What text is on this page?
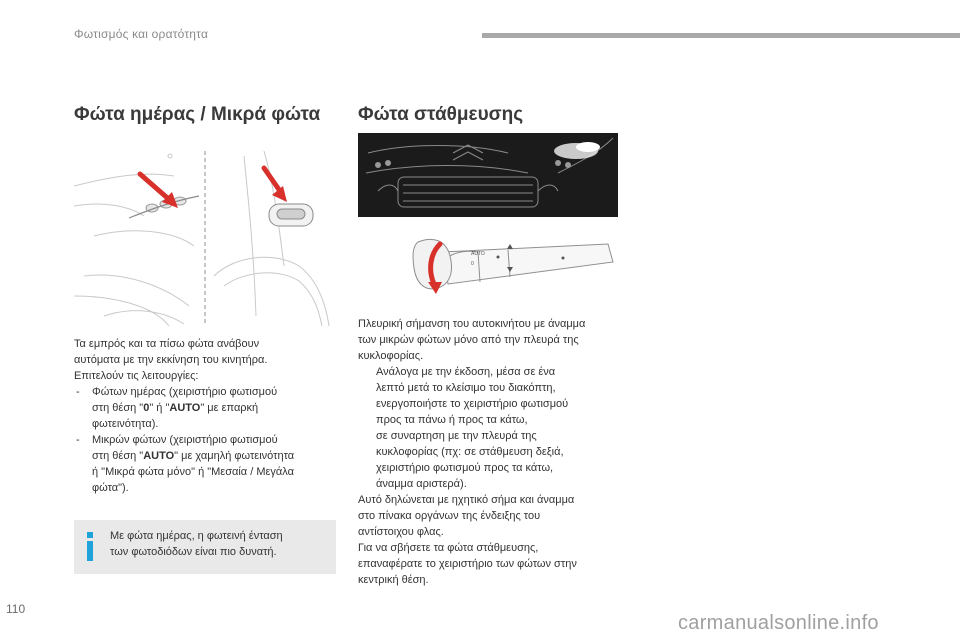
Φωτισμός και ορατότητα
Φώτα ημέρας / Μικρά φώτα Φώτα στάθμευσης
AUTO
0

Τα εμπρός και τα πίσω φώτα ανάβουν

αυτόματα με την εκκίνηση του κινητήρα.

Επιτελούν τις λειτουργίες:

- Φώτων ημέρας (χειριστήριο φωτισμού

στη θέση "0" ή "AUTO" με επαρκή

φωτεινότητα).

- Μικρών φώτων (χειριστήριο φωτισμού

στη θέση "AUTO" με χαμηλή φωτεινότητα

ή "Μικρά φώτα μόνο" ή "Μεσαία / Μεγάλα

φώτα").

Με φώτα ημέρας, η φωτεινή ένταση

των φωτοδιόδων είναι πιο δυνατή.

Πλευρική σήμανση του αυτοκινήτου με άναμμα

των μικρών φώτων μόνο από την πλευρά της

κυκλοφορίας.

Ανάλογα με την έκδοση, μέσα σε ένα

λεπτό μετά το κλείσιμο του διακόπτη,

ενεργοποιήστε το χειριστήριο φωτισμού

προς τα πάνω ή προς τα κάτω,

σε συναρτηση με την πλευρά της

κυκλοφορίας (πχ: σε στάθμευση δεξιά,

χειριστήριο φωτισμού προς τα κάτω,

άναμμα αριστερά).

Αυτό δηλώνεται με ηχητικό σήμα και άναμμα

στο πίνακα οργάνων της ένδειξης του

αντίστοιχου φλας.

Για να σβήσετε τα φώτα στάθμευσης,

επαναφέρατε το χειριστήριο των φώτων στην

κεντρική θέση.

110
carmanualsonline.info
